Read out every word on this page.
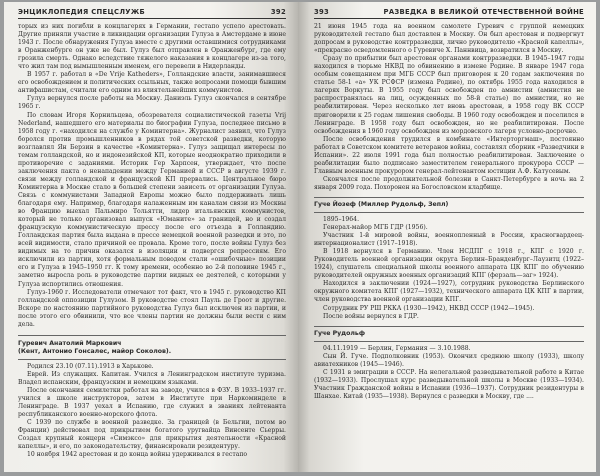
ЭНЦИКЛОПЕДИЯ СПЕЦСЛУЖБ	392

торых из них погибли в концлагерях в Германии, гестапо успело арестовать. Другие приняли участие в ликвидации организации Гулуза в Амстердаме в июне 1943 г. После обнаружения Гулуза вместе с другими оставшимися сотрудниками в Оранженбурге он уже не был. Гулуз был отправлен в Оранженбург, где ему грозила смерть. Однако вследствие тяжелого наказания в концлагере из-за того, что жил там под вымышленным именем, его перевели в Нидерланды.

В 1957 г. работал в «De Vrije Katheders», Голландские власти, занимавшиеся его освобождением и политических ссыльных, также вопросами помощи бывшим антифашистам, считали его одним из влиятельнейших коммунистов.

Гулуз вернулся после работы на Москву. Даниэль Гулуз скончался в сентябре 1965 г.

По словам Игоря Корнильцева, обозревателя социалистической газеты Vrij Nederland, нашедшего его материалы по биографии Гулуза, последнее письмо в 1958 году г. «находился на службе у Коминтерна». Журналист заявил, что Гулуз боролся против промышленников в рядах той советской разведки, которую возглавлял Ян Берзин в качестве «Коминтерна». Гулуз защищал интересы по темам голландской, но и индонезийской КП, которые неоднократно приходили в противоречие с заданиями. Историк Гер Харпсен, утверждает, что после заключения пакта о ненападении между Германией и СССР в августе 1939 г. связи между голландской и французской КП прервались. Центральное бюро Коминтерна в Москве стало в большей степени зависеть от организации Гулуза. Связь с коммунистами Западной Европы можно было поддерживать лишь благодаря ему. Например, благодаря налаженным им каналам связи из Москвы во Францию выехал Пальмиро Тольятти, лидер итальянских коммунистов, который не только организовал выпуск «Юманите» за границей, но и создал французскую коммунистическую прессу после его отъезда в Голландию. Голландская партия была выдана в прессе немецкой военной разведки и это, по всей видимости, стало причиной ее провала. Кроме того, после войны Гулуз без видимых на то причин оказался в изоляции и подвергся репрессиям. Его исключили из партии, хотя формальным поводом стали «ошибочные» позиции его и Гулуза в 1945–1950 гг. К тому времени, особенно во 2-й половине 1945 г., заметно выросла роль в руководстве партии видных ее деятелей, с которыми у Гулуза испортились отношения.

Гулуз-1960 г. Исследователи отмечают тот факт, что в 1945 г. руководство КП голландской оппозиции Гулузом. В руководстве стоял Пауль де Гроот и другие. Вскоре по настоянию партийного руководства Гулуз был исключен из партии, и после этого его обвинили, что все члены партии не должны были вести с ним дела.

Гуревич Анатолий Маркович
(Кент, Антонио Гонсалес, майор Соколов).

Родился 23.10 (07.11).1913 в Харькове.

Еврей. Из служащих. Капитан. Учился в Ленинградском институте туризма. Владел испанским, французским и немецким языками.

После окончания семилетки работал на заводе, учился в ФЗУ. В 1933–1937 гг. учился в школе инструкторов, затем в Институте при Наркоминделе в Ленинграде. В 1937 уехал в Испанию, где служил в званиях лейтенанта республиканского военно-морского флота.

С 1939 по службе в военной разведке. За границей (в Бельгии, потом во Франции) действовал под прикрытием богатого уругвайца Винсенте Сьерры. Создал крупный концерн «Симэксо» для прикрытия деятельности «Красной капеллы», и его, по законодательству, финансировали резидентуру.

10 ноября 1942 арестован и до конца войны удерживался в гестапо

393	РАЗВЕДКА В ВЕЛИКОЙ ОТЕЧЕСТВЕННОЙ ВОЙНЕ

21 июня 1945 года на военном самолете Гуревич с группой немецких руководителей гестапо был доставлен в Москву. Он был арестован и подвергнут допросам в руководстве контрразведки, лично руководителю «Красной капеллы», «прекрасно осведомленного о Гуревиче Х. Паннвица, возвратился в Москву.

Сразу по прибытии был арестован органами контрразведки. В 1945–1947 годы находился в тюрьме НКВД по обвинению в измене Родине. В январе 1947 года особым совещанием при МГБ СССР был приговорен к 20 годам заключения по статье 58-1 «а» УК РСФСР (измена Родине), по октябрь 1955 года находился в лагерях Воркуты. В 1955 году был освобожден по амнистии (амнистия не распространялась на лиц, осужденных по 58-й статье) по амнистии, но не реабилитирован. Через несколько лет вновь арестован, в 1958 году ВК СССР приговорили к 25 годам лишения свободы. В 1960 году освобожден и поселился в Ленинграде. В 1958 году был освобожден, но не реабилитирован. После освобождения в 1960 году освобожден из мордовского лагеря условно-досрочно.

После освобождения трудился в комбинате «Интерторгмаш», постоянно работал в Советском комитете ветеранов войны, составлял сборник «Разведчики в Испании». 22 июля 1991 года был полностью реабилитирован. Заключение о реабилитации было подписано заместителем генерального прокурора СССР — Главным военным прокурором генерал-лейтенантом юстиции А.Ф. Катусевым.

Скончался после продолжительной болезни в Санкт-Петербурге в ночь на 2 января 2009 года. Похоронен на Богословском кладбище.

Гуче Йозеф (Миллер Рудольф, Зепл)

1895–1964.

Генерал-майор МГБ ГДР (1956).

Участник 1-й мировой войны, военнопленный в России, красногвардеец-интернационалист (1917–1918).

В 1918 вернулся в Германию. Член НСДПГ с 1918 г., КПГ с 1920 г. Руководитель военной организации округа Берлин–Бранденбург–Лаузитц (1922–1924), слушатель специальной школы военного аппарата ЦК КПГ по обучению руководителей окружных военных организаций КПГ (ферзаль—заг» 1924).

Находился в заключении (1924—1927), сотрудник руководства Берлинского окружного комитета КПГ (1927—1932), технического аппарата ЦК КПГ в партии, член руководства военной организации КПГ.

Сотрудник РУ РШ РККА (1930—1942), НКВД СССР (1942—1945).

После войны вернулся в ГДР.

Гуче Рудольф

04.11.1919 — Берлин, Германия — 3.10.1988.

Сын Й. Гуче. Подполковник (1953). Окончил среднюю школу (1933), школу авиатехников (1945—1946).

С 1931 в эмиграции в СССР. На нелегальной разведывательной работе в Китае (1932—1933). Прослушал курс разведывательной школы в Москве (1933—1934). Участник Гражданской войны в Испании (1936—1937). Сотрудник резидентуры в Шанхае. Китай (1935—1938). Вернулся с разведки в Москву, где ....
